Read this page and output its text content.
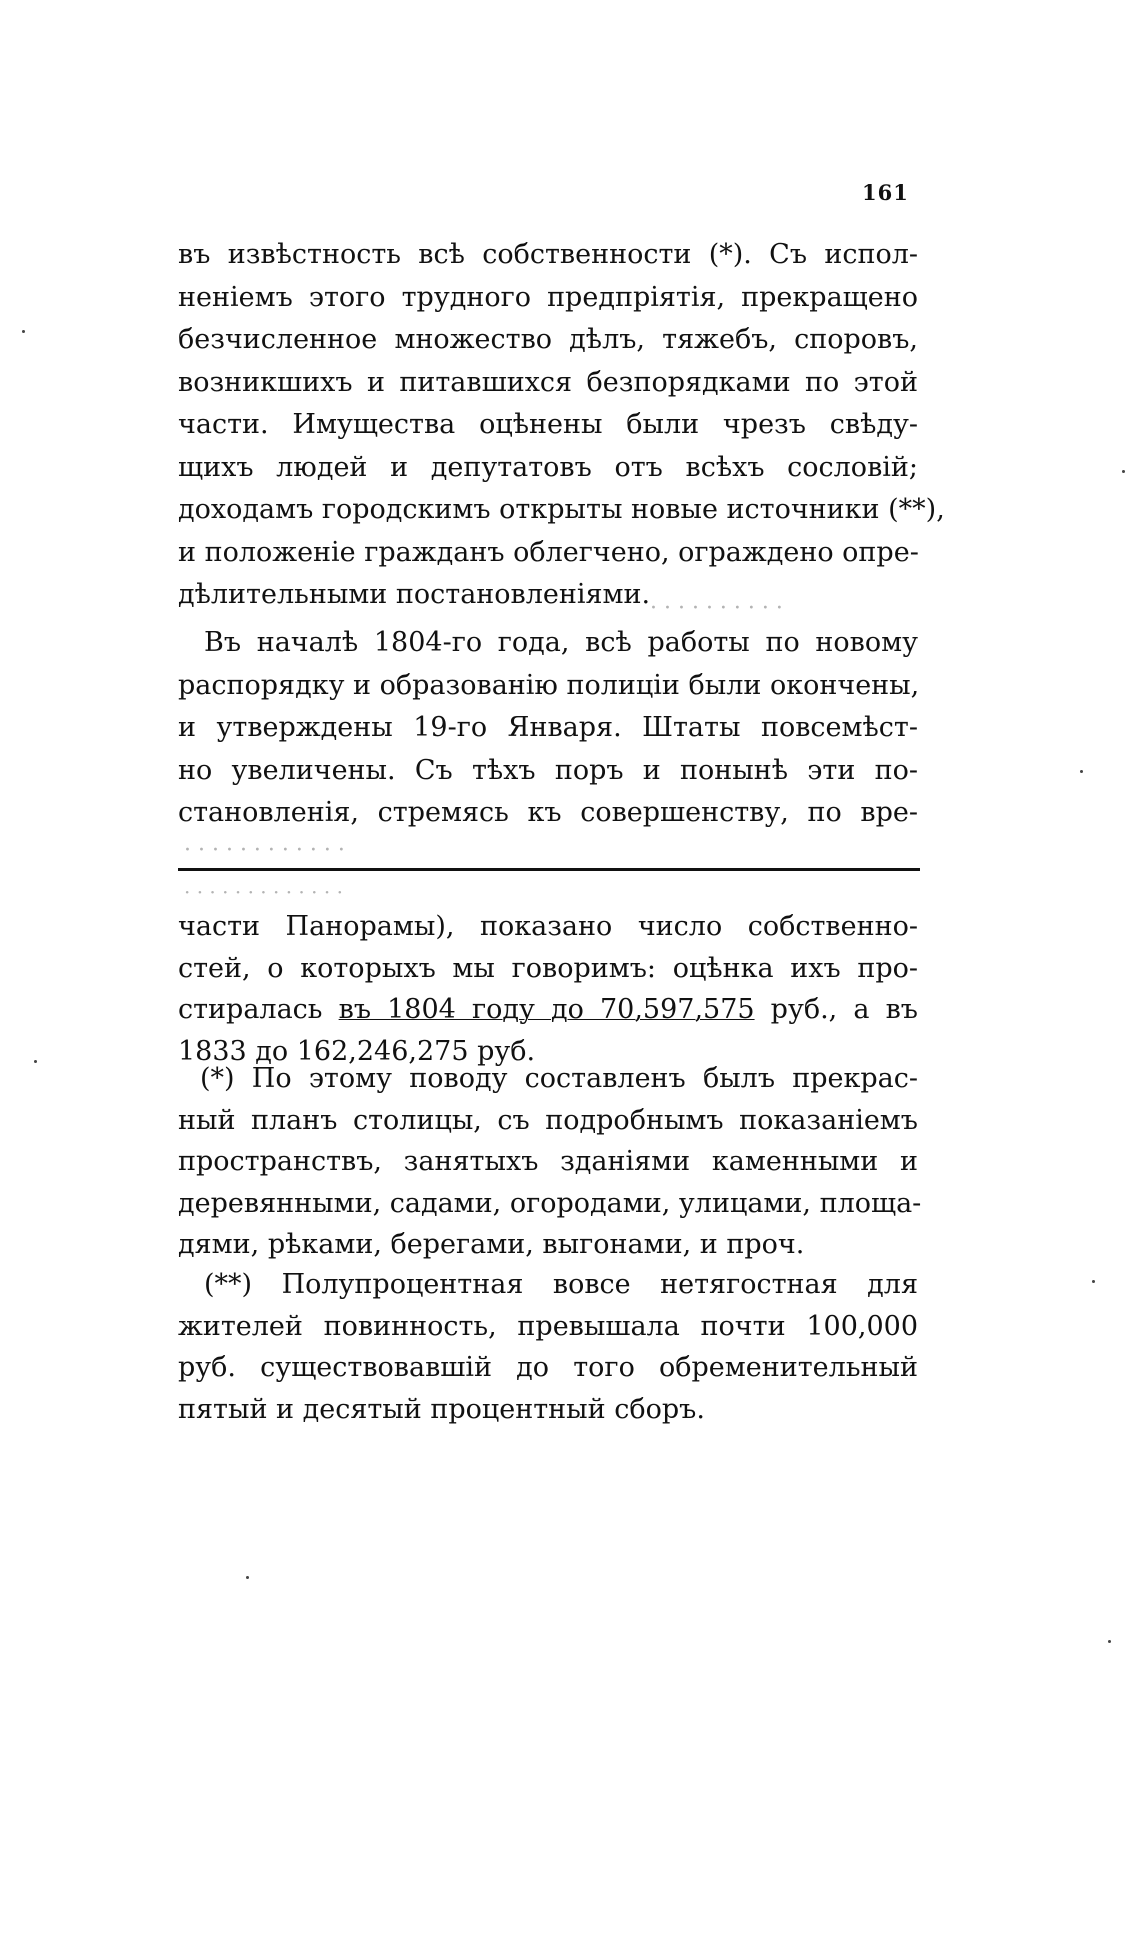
161
· · · · · · · · · ·
въ извѣстность всѣ собственности (*). Съ испол-
неніемъ этого трудного предпріятія, прекращено
безчисленное множество дѣлъ, тяжебъ, споровъ,
возникшихъ и питавшихся безпорядками по этой
части. Имущества оцѣнены были чрезъ свѣду-
щихъ людей и депутатовъ отъ всѣхъ сословій;
доходамъ городскимъ открыты новые источники (**),
и положеніе гражданъ облегчено, ограждено опре-
дѣлительными постановленіями.
Въ началѣ 1804-го года, всѣ работы по новому
распорядку и образованію полиціи были окончены,
и утверждены 19-го Января. Штаты повсемѣст-
но увеличены. Съ тѣхъ поръ и понынѣ эти по-
становленія, стремясь къ совершенству, по вре-
· · · · · · · · · · · ·
· · · · · · · · · · · · ·
части Панорамы), показано число собственно-
стей, о которыхъ мы говоримъ: оцѣнка ихъ про-
стиралась въ 1804 году до 70,597,575 руб., а въ
1833 до 162,246,275 руб.
(*) По этому поводу составленъ былъ прекрас-
ный планъ столицы, съ подробнымъ показаніемъ
пространствъ, занятыхъ зданіями каменными и
деревянными, садами, огородами, улицами, площа-
дями, рѣками, берегами, выгонами, и проч.
(**) Полупроцентная вовсе нетягостная для
жителей повинность, превышала почти 100,000
руб. существовавшій до того обременительный
пятый и десятый процентный сборъ.
